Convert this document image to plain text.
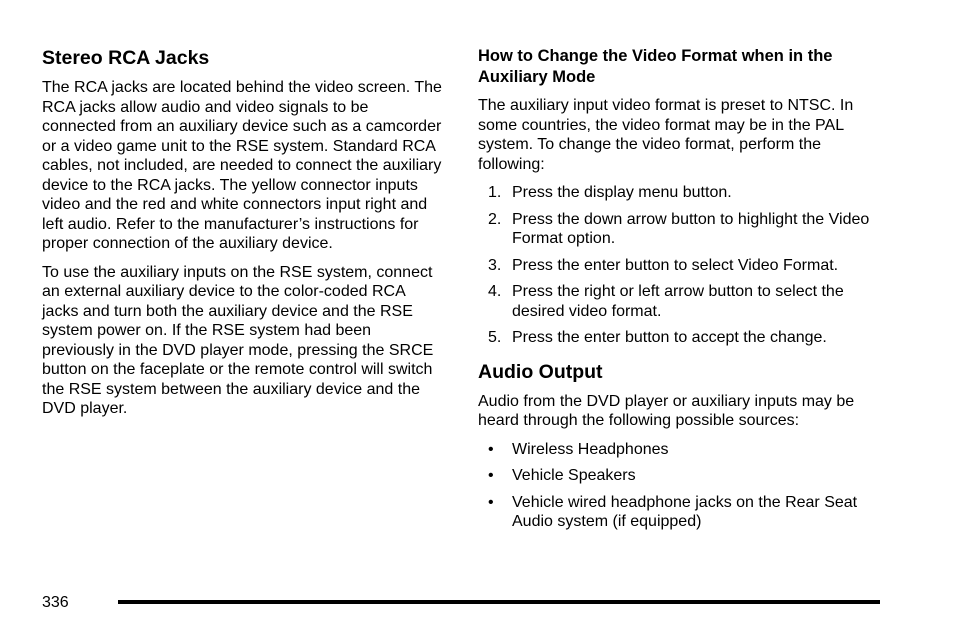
Stereo RCA Jacks

The RCA jacks are located behind the video screen. The RCA jacks allow audio and video signals to be connected from an auxiliary device such as a camcorder or a video game unit to the RSE system. Standard RCA cables, not included, are needed to connect the auxiliary device to the RCA jacks. The yellow connector inputs video and the red and white connectors input right and left audio. Refer to the manufacturer’s instructions for proper connection of the auxiliary device.

To use the auxiliary inputs on the RSE system, connect an external auxiliary device to the color-coded RCA jacks and turn both the auxiliary device and the RSE system power on. If the RSE system had been previously in the DVD player mode, pressing the SRCE button on the faceplate or the remote control will switch the RSE system between the auxiliary device and the DVD player.

How to Change the Video Format when in the Auxiliary Mode

The auxiliary input video format is preset to NTSC. In some countries, the video format may be in the PAL system. To change the video format, perform the following:

1. Press the display menu button.
2. Press the down arrow button to highlight the Video Format option.
3. Press the enter button to select Video Format.
4. Press the right or left arrow button to select the desired video format.
5. Press the enter button to accept the change.
Audio Output

Audio from the DVD player or auxiliary inputs may be heard through the following possible sources:

• Wireless Headphones
• Vehicle Speakers
• Vehicle wired headphone jacks on the Rear Seat Audio system (if equipped)
336
